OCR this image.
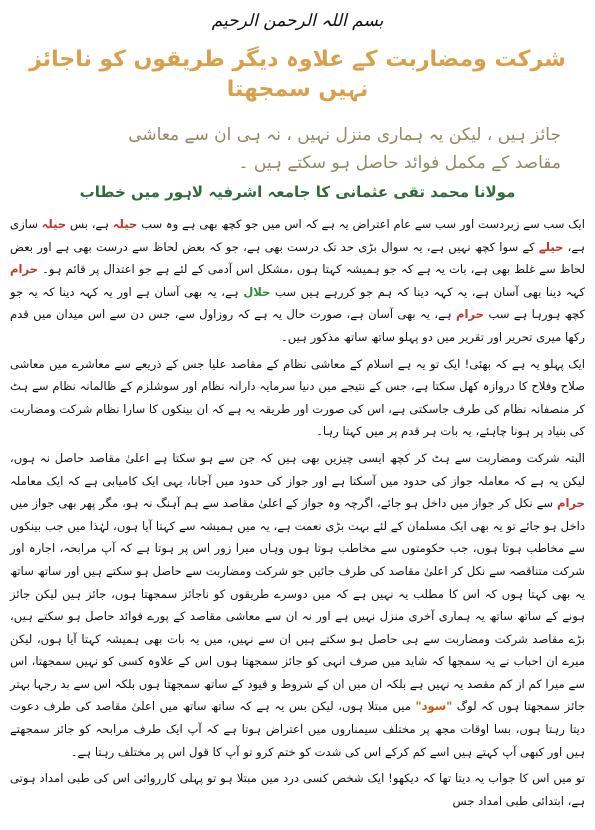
بسم اللہ الرحمن الرحیم
شرکت ومضاربت کے علاوہ دیگر طریقوں کو ناجائز نہیں سمجھتا
جائز ہیں ، لیکن یہ ہماری منزل نہیں ، نہ ہی ان سے معاشی
مقاصد کے مکمل فوائد حاصل ہو سکتے ہیں ۔
مولانا محمد تقی عثمانی کا جامعہ اشرفیہ لاہور میں خطاب

ایک سب سے زبردست اور سب سے عام اعتراض یہ ہے کہ اس میں جو کچھ بھی ہے وہ سب حیلہ ہے، بس حیلہ سازی ہے، حیلے کے سوا کچھ نہیں ہے، یہ سوال بڑی حد تک درست بھی ہے، جو کہ بعض لحاظ سے درست بھی ہے اور بعض لحاظ سے غلط بھی ہے، بات یہ ہے کہ جو ہمیشہ کہتا ہوں ،مشکل اس آدمی کے لئے ہے جو اعتدال پر قائم ہو۔ حرام کہہ دینا بھی آسان ہے، یہ کہہ دینا کہ ہم جو کررہے ہیں سب حلال ہے، یہ بھی آسان ہے اور یہ کہہ دینا کہ یہ جو کچھ ہورہا ہے سب حرام ہے، یہ بھی آسان ہے، صورت حال یہ ہے کہ روزاول سے، جس دن سے اس میدان میں قدم رکھا میری تحریر اور تقریر میں دو پہلو ساتھ ساتھ مذکور ہیں۔

ایک پہلو یہ ہے کہ بھئی! ایک تو یہ ہے اسلام کے معاشی نظام کے مقاصد علیا جس کے ذریعے سے معاشرے میں معاشی صلاح وفلاح کا دروازہ کھل سکتا ہے، جس کے نتیجے میں دنیا سرمایہ دارانہ نظام اور سوشلزم کے ظالمانہ نظام سے ہٹ کر منصفانہ نظام کی طرف جاسکتی ہے، اس کی صورت اور طریقہ یہ ہے کہ ان بینکوں کا سارا نظام شرکت ومضاربت کی بنیاد پر ہونا چاہئے، یہ بات ہر قدم پر میں کہتا رہا۔

البتہ شرکت ومضاربت سے ہٹ کر کچھ ایسی چیزیں بھی ہیں کہ جن سے ہو سکتا ہے اعلیٰ مقاصد حاصل نہ ہوں، لیکن یہ ہے کہ معاملہ جواز کی حدود میں آسکتا ہے اور جواز کی حدود میں آجانا، یہی ایک کامیابی ہے کہ ایک معاملہ حرام سے نکل کر جواز میں داخل ہو جائے، اگرچہ وہ جواز کے اعلیٰ مقاصد سے ہم آہنگ نہ ہو، مگر پھر بھی جواز میں داخل ہو جائے تو یہ بھی ایک مسلمان کے لئے بہت بڑی نعمت ہے، یہ میں ہمیشہ سے کہتا آیا ہوں، لہٰذا میں جب بینکوں سے مخاطب ہوتا ہوں، جب حکومتوں سے مخاطب ہوتا ہوں وہاں میرا زور اس پر ہوتا ہے کہ آپ مرابحہ، اجارہ اور شرکت متناقصہ سے نکل کر اعلیٰ مقاصد کی طرف جائیں جو شرکت ومضاربت سے حاصل ہو سکتے ہیں اور ساتھ ساتھ یہ بھی کہتا ہوں کہ اس کا مطلب یہ نہیں ہے کہ میں دوسرے طریقوں کو ناجائز سمجھتا ہوں، جائز ہیں لیکن جائز ہونے کے ساتھ ساتھ یہ ہماری آخری منزل نہیں ہے اور نہ ان سے معاشی مقاصد کے پورے فوائد حاصل ہو سکتے ہیں، بڑے مقاصد شرکت ومضاربت سے ہی حاصل ہو سکتے ہیں ان سے نہیں، میں یہ بات بھی ہمیشہ کہتا آیا ہوں، لیکن میرے ان احباب نے یہ سمجھا کہ شاید میں صرف انہی کو جائز سمجھتا ہوں اس کے علاوہ کسی کو نہیں سمجھتا، اس سے میرا کم از کم مقصد یہ نہیں ہے بلکہ ان میں ان کے شروط و قیود کے ساتھ سمجھتا ہوں بلکہ اس سے بد رجہا بہتر جائز سمجھتا ہوں کہ لوگ "سود" میں مبتلا ہوں، لیکن بس یہ ہے کہ ساتھ ساتھ میں اعلیٰ مقاصد کی طرف دعوت دیتا رہتا ہوں، بسا اوقات مجھ پر مختلف سیمناروں میں اعتراض ہوتا ہے کہ آپ ایک طرف مرابحہ کو جائز سمجھتے ہیں اور کبھی آپ کہتے ہیں اسے کم کرکے اس کی شدت کو ختم کرو تو آپ کا قول اس پر مختلف رہتا ہے۔

تو میں اس کا جواب یہ دیتا تھا کہ دیکھو! ایک شخص کسی درد میں مبتلا ہو تو پہلی کارروائی اس کی طبی امداد ہوتی ہے، ابتدائی طبی امداد جس
